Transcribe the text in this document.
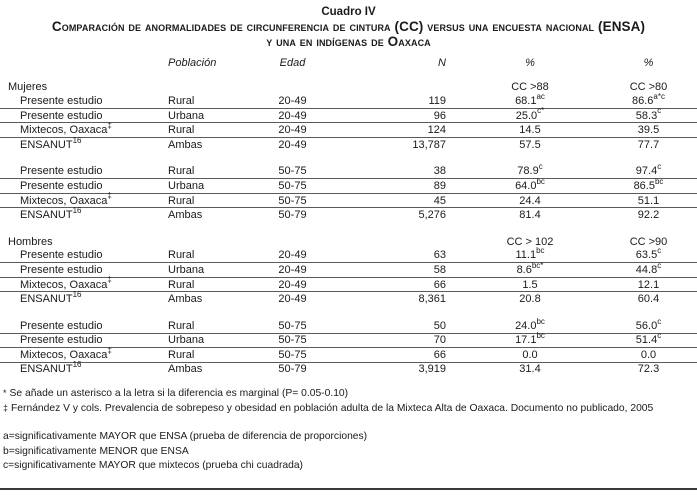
Cuadro IV
Comparación de anormalidades de circunferencia de cintura (CC) versus una encuesta nacional (ENSA)
y una en indígenas de Oaxaca
	Población	Edad	N	%	%
Mujeres				CC >88	CC >80
Presente estudio	Rural	20-49	119	68.1$^{ac}$	$86.6^{a*c}$
Presente estudio	Urbana	20-49	96	$25.0^{c*}$	58.3$^c$
Mixtecos, Oaxaca‡	Rural	20-49	124	14.5	39.5
ENSANUT$^{16}$	Ambas	20-49	13,787	57.5	77.7

Presente estudio	Rural	50-75	38	78.9$^c$	97.4$^c$
Presente estudio	Urbana	50-75	89	64.0$^{bc}$	86.5$^{bc}$
Mixtecos, Oaxaca‡	Rural	50-75	45	24.4	51.1
ENSANUT$^{16}$	Ambas	50-79	5,276	81.4	92.2

Hombres				CC > 102	CC >90
Presente estudio	Rural	20-49	63	11.1$^{bc}$	63.5$^c$
Presente estudio	Urbana	20-49	58	$8.6^{bc*}$	44.8$^c$
Mixtecos, Oaxaca‡	Rural	20-49	66	1.5	12.1
ENSANUT$^{16}$	Ambas	20-49	8,361	20.8	60.4

Presente estudio	Rural	50-75	50	24.0$^{bc}$	56.0$^c$
Presente estudio	Urbana	50-75	70	17.1$^{bc}$	51.4$^c$
Mixtecos, Oaxaca‡	Rural	50-75	66	0.0	0.0
ENSANUT$^{16}$	Ambas	50-79	3,919	31.4	72.3
* Se añade un asterisco a la letra si la diferencia es marginal (P= 0.05-0.10)
‡ Fernández V y cols. Prevalencia de sobrepeso y obesidad en población adulta de la Mixteca Alta de Oaxaca. Documento no publicado, 2005
a=significativamente MAYOR que ENSA (prueba de diferencia de proporciones)
b=significativamente MENOR que ENSA
c=significativamente MAYOR que mixtecos (prueba chi cuadrada)
